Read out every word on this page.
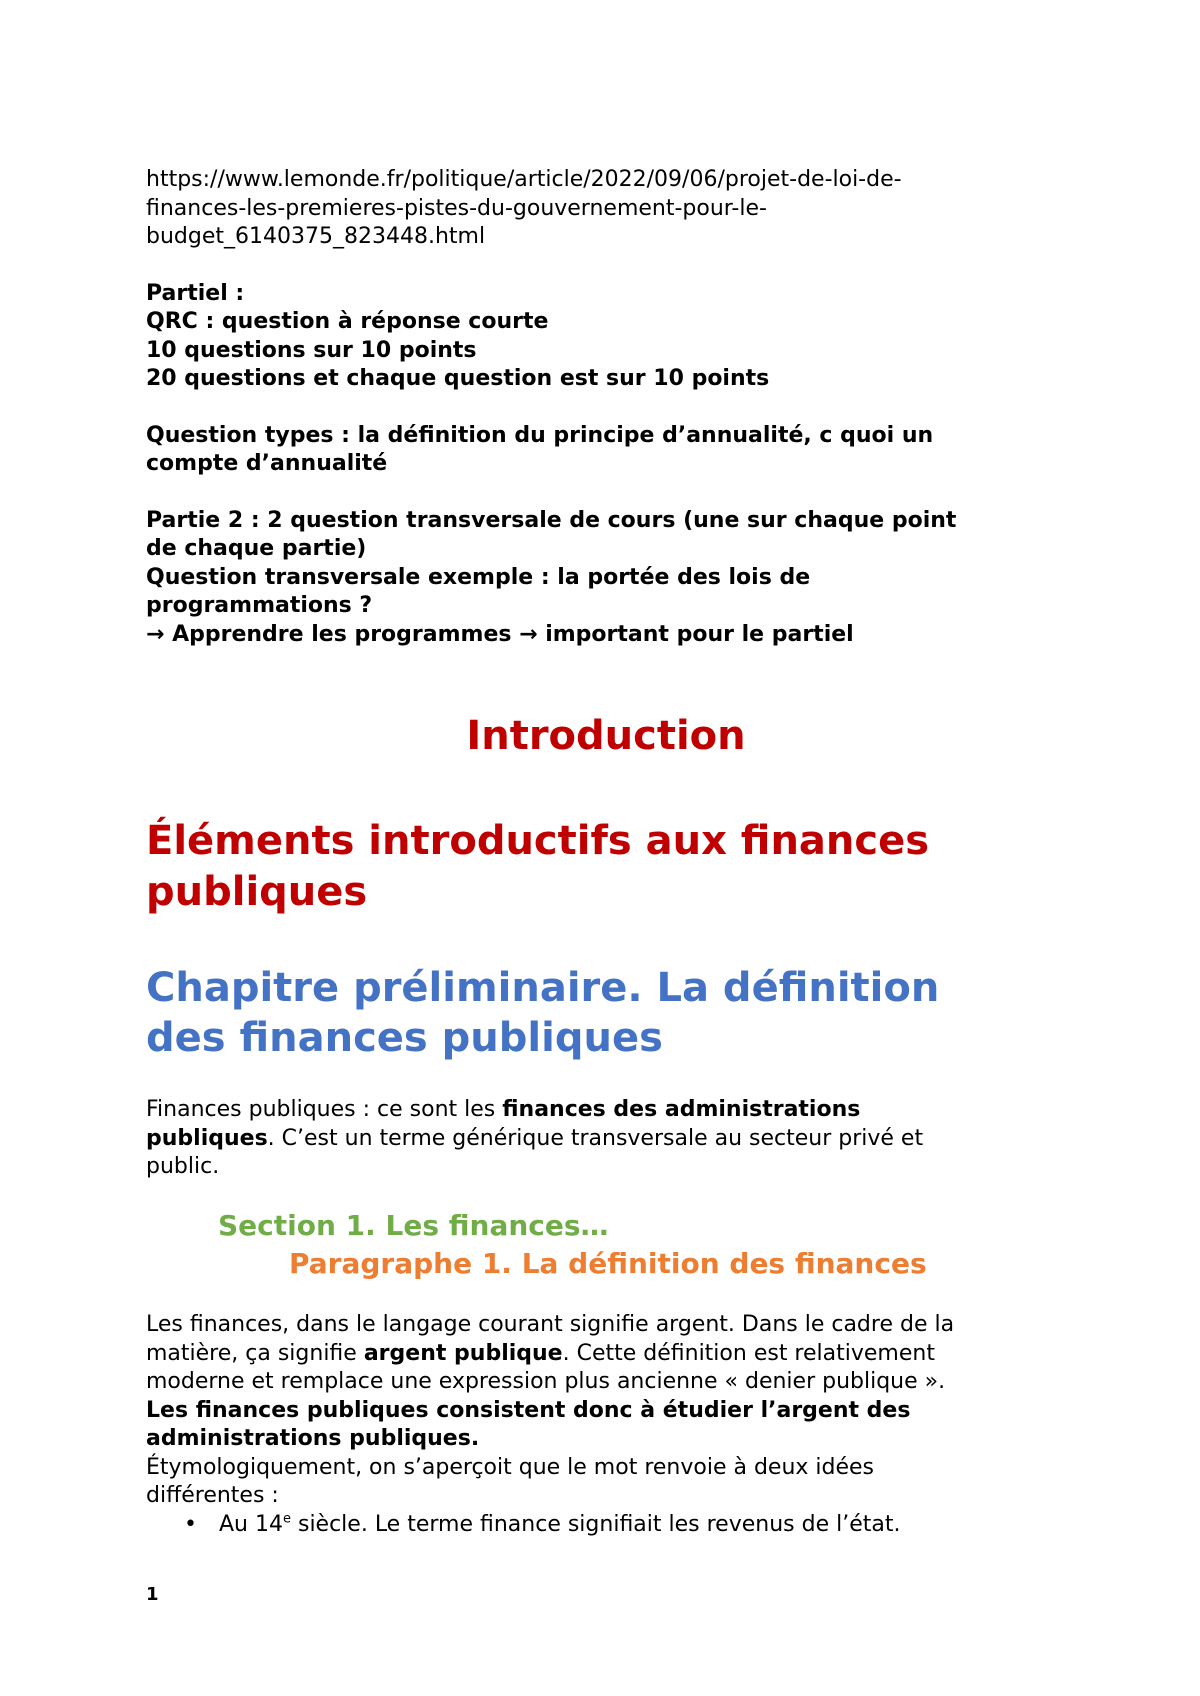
https://www.lemonde.fr/politique/article/2022/09/06/projet-de-loi-de-
finances-les-premieres-pistes-du-gouvernement-pour-le-
budget_6140375_823448.html

Partiel :

QRC : question à réponse courte

10 questions sur 10 points

20 questions et chaque question est sur 10 points

Question types : la définition du principe d’annualité, c quoi un

compte d’annualité

Partie 2 : 2 question transversale de cours (une sur chaque point

de chaque partie)

Question transversale exemple : la portée des lois de

programmations ?

→ Apprendre les programmes → important pour le partiel

Introduction
Éléments introductifs aux finances
publiques
Chapitre préliminaire. La définition
des finances publiques

Finances publiques : ce sont les finances des administrations

publiques. C’est un terme générique transversale au secteur privé et

public.

Section 1. Les finances…
Paragraphe 1. La définition des finances

Les finances, dans le langage courant signifie argent. Dans le cadre de la

matière, ça signifie argent publique. Cette définition est relativement

moderne et remplace une expression plus ancienne « denier publique ».

Les finances publiques consistent donc à étudier l’argent des

administrations publiques.

Étymologiquement, on s’aperçoit que le mot renvoie à deux idées

différentes :

•	Au 14e siècle. Le terme finance signifiait les revenus de l’état.
1
